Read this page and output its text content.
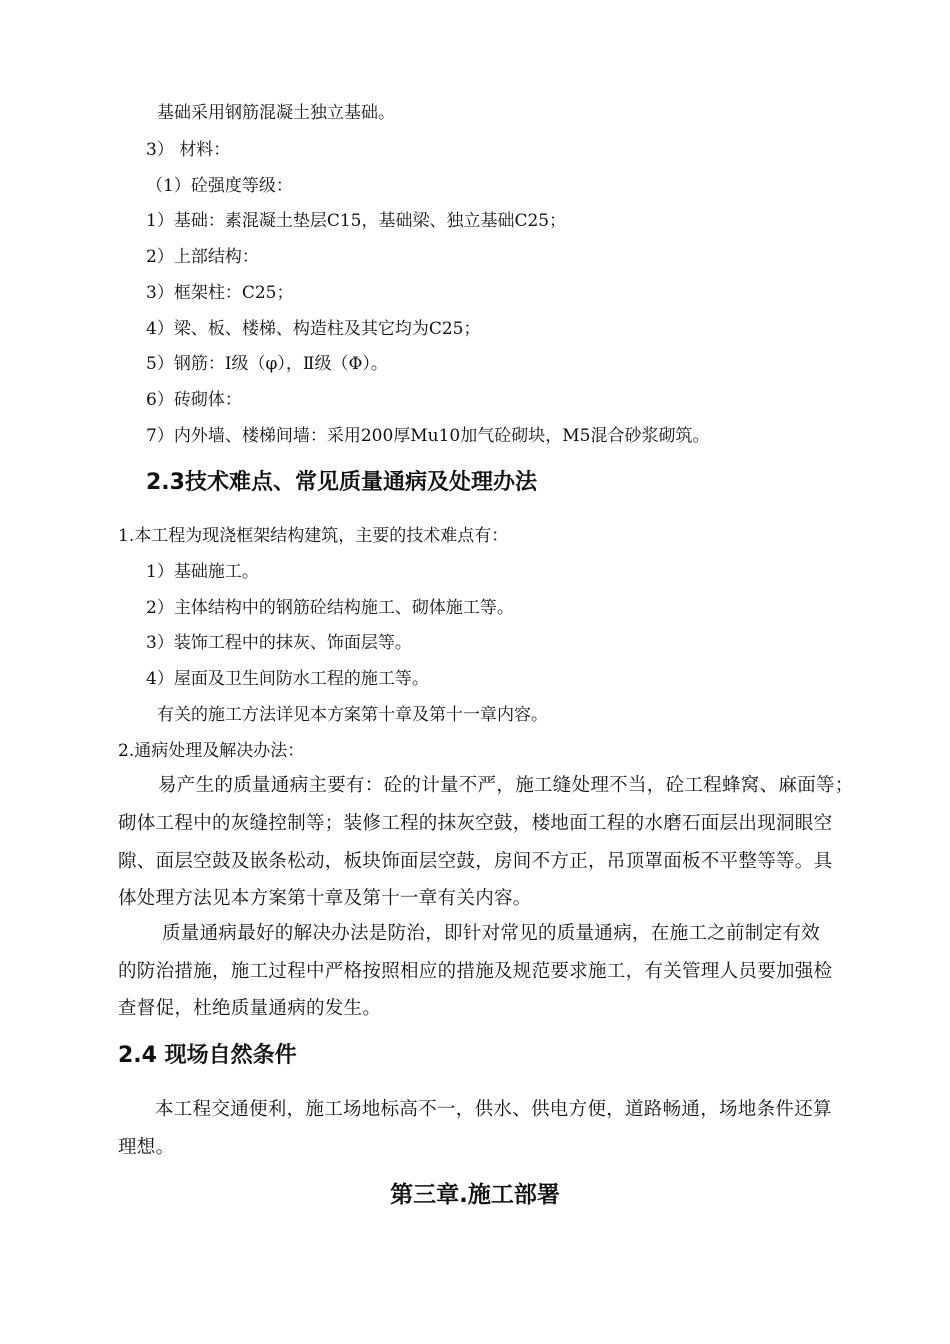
基础采用钢筋混凝土独立基础。
3） 材料：
（1）砼强度等级：
1）基础：素混凝土垫层C15，基础梁、独立基础C25；
2）上部结构：
3）框架柱：C25；
4）梁、板、楼梯、构造柱及其它均为C25；
5）钢筋：Ⅰ级（φ），Ⅱ级（Φ）。
6）砖砌体：
7）内外墙、楼梯间墙：采用200厚Mu10加气砼砌块，M5混合砂浆砌筑。
2.3技术难点、常见质量通病及处理办法
1.本工程为现浇框架结构建筑，主要的技术难点有：
1）基础施工。
2）主体结构中的钢筋砼结构施工、砌体施工等。
3）装饰工程中的抹灰、饰面层等。
4）屋面及卫生间防水工程的施工等。
有关的施工方法详见本方案第十章及第十一章内容。
2.通病处理及解决办法：
易产生的质量通病主要有：砼的计量不严，施工缝处理不当，砼工程蜂窝、麻面等；
砌体工程中的灰缝控制等；装修工程的抹灰空鼓，楼地面工程的水磨石面层出现洞眼空
隙、面层空鼓及嵌条松动，板块饰面层空鼓，房间不方正，吊顶罩面板不平整等等。具
体处理方法见本方案第十章及第十一章有关内容。
质量通病最好的解决办法是防治，即针对常见的质量通病，在施工之前制定有效
的防治措施，施工过程中严格按照相应的措施及规范要求施工，有关管理人员要加强检
查督促，杜绝质量通病的发生。
2.4 现场自然条件
本工程交通便利，施工场地标高不一，供水、供电方便，道路畅通，场地条件还算
理想。
第三章.施工部署
